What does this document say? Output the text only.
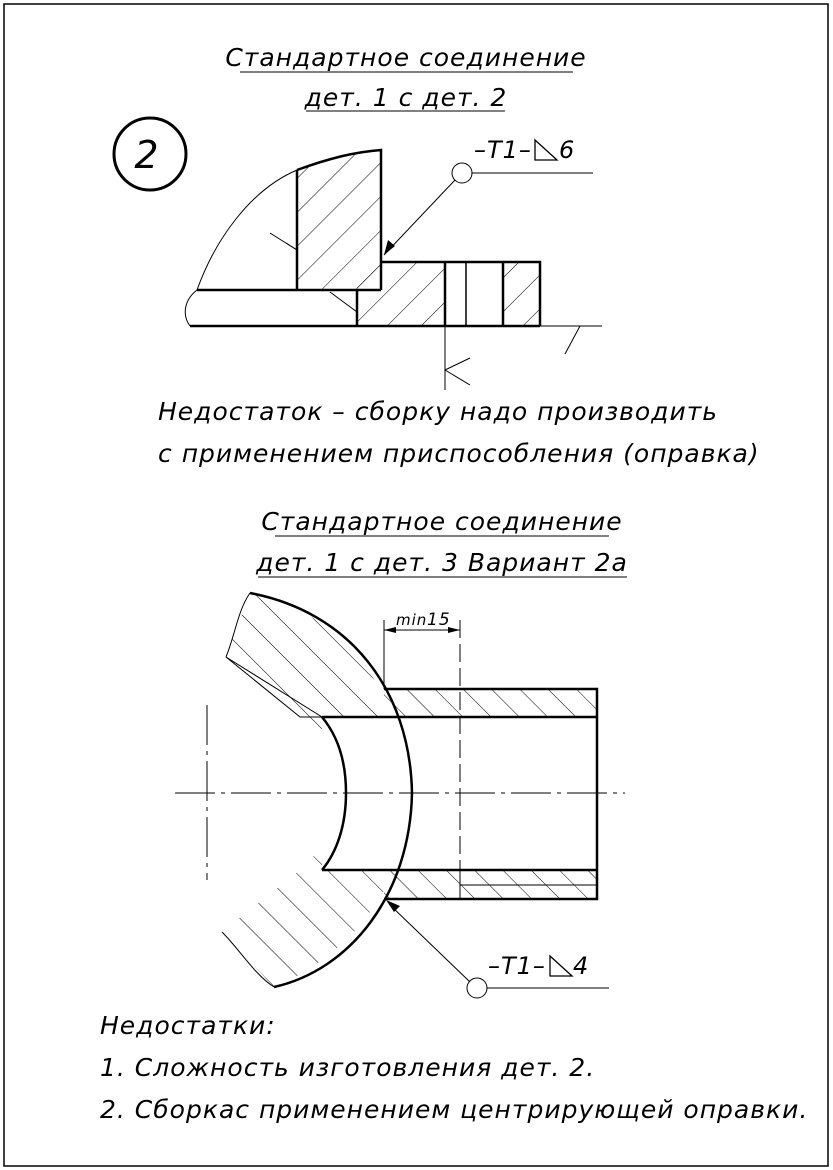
Стандартное соединение
дет. 1 с дет. 2
2	–T1– 6
Недостаток – сборку надо производить
с применением приспособления (оправка)
Стандартное соединение
дет. 1 с дет. 3 Вариант 2а
min 15
–T1– 4
Недостатки:
1. Сложность изготовления дет. 2.
2. Сборкас применением центрирующей оправки.
